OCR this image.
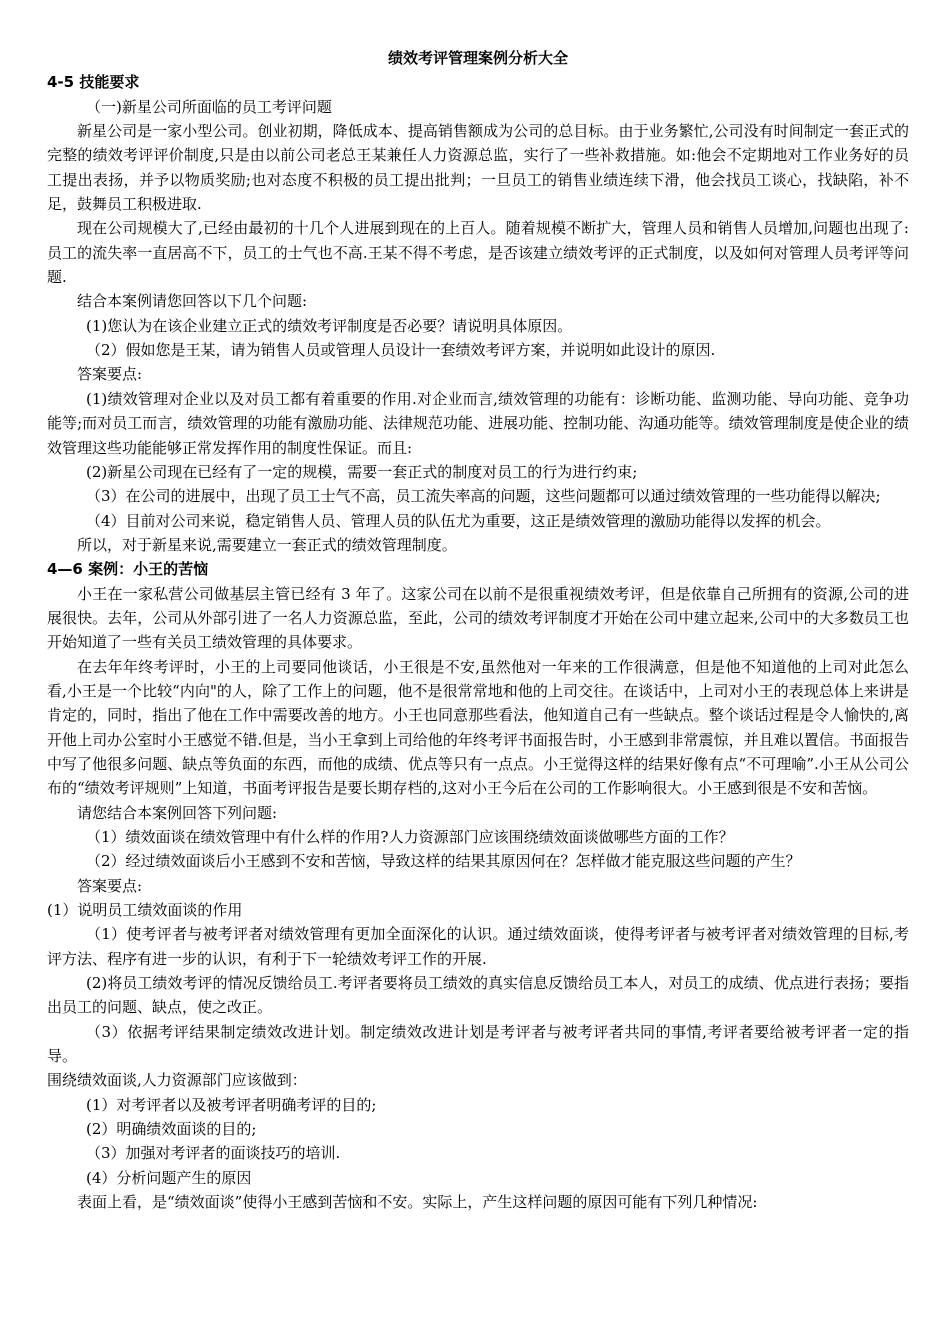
绩效考评管理案例分析大全
4-5 技能要求

（一)新星公司所面临的员工考评问题

新星公司是一家小型公司。创业初期，降低成本、提高销售额成为公司的总目标。由于业务繁忙,公司没有时间制定一套正式的完整的绩效考评评价制度,只是由以前公司老总王某兼任人力资源总监，实行了一些补救措施。如:他会不定期地对工作业务好的员工提出表扬，并予以物质奖励;也对态度不积极的员工提出批判；一旦员工的销售业绩连续下滑，他会找员工谈心，找缺陷，补不足，鼓舞员工积极进取.

现在公司规模大了,已经由最初的十几个人进展到现在的上百人。随着规模不断扩大，管理人员和销售人员增加,问题也出现了:员工的流失率一直居高不下，员工的士气也不高.王某不得不考虑，是否该建立绩效考评的正式制度，以及如何对管理人员考评等问题.

结合本案例请您回答以下几个问题:

(1)您认为在该企业建立正式的绩效考评制度是否必要？请说明具体原因。

（2）假如您是王某，请为销售人员或管理人员设计一套绩效考评方案，并说明如此设计的原因.

答案要点:

(1)绩效管理对企业以及对员工都有着重要的作用.对企业而言,绩效管理的功能有：诊断功能、监测功能、导向功能、竞争功能等;而对员工而言，绩效管理的功能有激励功能、法律规范功能、进展功能、控制功能、沟通功能等。绩效管理制度是使企业的绩效管理这些功能能够正常发挥作用的制度性保证。而且:

(2)新星公司现在已经有了一定的规模，需要一套正式的制度对员工的行为进行约束;

（3）在公司的进展中，出现了员工士气不高，员工流失率高的问题，这些问题都可以通过绩效管理的一些功能得以解决;

（4）目前对公司来说，稳定销售人员、管理人员的队伍尤为重要，这正是绩效管理的激励功能得以发挥的机会。

所以，对于新星来说,需要建立一套正式的绩效管理制度。

4—6 案例：小王的苦恼

小王在一家私营公司做基层主管已经有 3 年了。这家公司在以前不是很重视绩效考评，但是依靠自己所拥有的资源,公司的进展很快。去年，公司从外部引进了一名人力资源总监，至此，公司的绩效考评制度才开始在公司中建立起来,公司中的大多数员工也开始知道了一些有关员工绩效管理的具体要求。

在去年年终考评时，小王的上司要同他谈话，小王很是不安,虽然他对一年来的工作很满意，但是他不知道他的上司对此怎么看,小王是一个比较“内向"的人，除了工作上的问题，他不是很常常地和他的上司交往。在谈话中，上司对小王的表现总体上来讲是肯定的，同时，指出了他在工作中需要改善的地方。小王也同意那些看法，他知道自己有一些缺点。整个谈话过程是令人愉快的,离开他上司办公室时小王感觉不错.但是，当小王拿到上司给他的年终考评书面报告时，小王感到非常震惊，并且难以置信。书面报告中写了他很多问题、缺点等负面的东西，而他的成绩、优点等只有一点点。小王觉得这样的结果好像有点“不可理喻”.小王从公司公布的“绩效考评规则”上知道，书面考评报告是要长期存档的,这对小王今后在公司的工作影响很大。小王感到很是不安和苦恼。

请您结合本案例回答下列问题:

（1）绩效面谈在绩效管理中有什么样的作用?人力资源部门应该围绕绩效面谈做哪些方面的工作？

（2）经过绩效面谈后小王感到不安和苦恼，导致这样的结果其原因何在？怎样做才能克服这些问题的产生？

答案要点:

(1）说明员工绩效面谈的作用

（1）使考评者与被考评者对绩效管理有更加全面深化的认识。通过绩效面谈，使得考评者与被考评者对绩效管理的目标,考评方法、程序有进一步的认识，有利于下一轮绩效考评工作的开展.

(2)将员工绩效考评的情况反馈给员工.考评者要将员工绩效的真实信息反馈给员工本人，对员工的成绩、优点进行表扬；要指出员工的问题、缺点，使之改正。

（3）依据考评结果制定绩效改进计划。制定绩效改进计划是考评者与被考评者共同的事情,考评者要给被考评者一定的指导。

围绕绩效面谈,人力资源部门应该做到：

(1）对考评者以及被考评者明确考评的目的;

(2）明确绩效面谈的目的;

（3）加强对考评者的面谈技巧的培训.

(4）分析问题产生的原因

表面上看，是“绩效面谈”使得小王感到苦恼和不安。实际上，产生这样问题的原因可能有下列几种情况:
